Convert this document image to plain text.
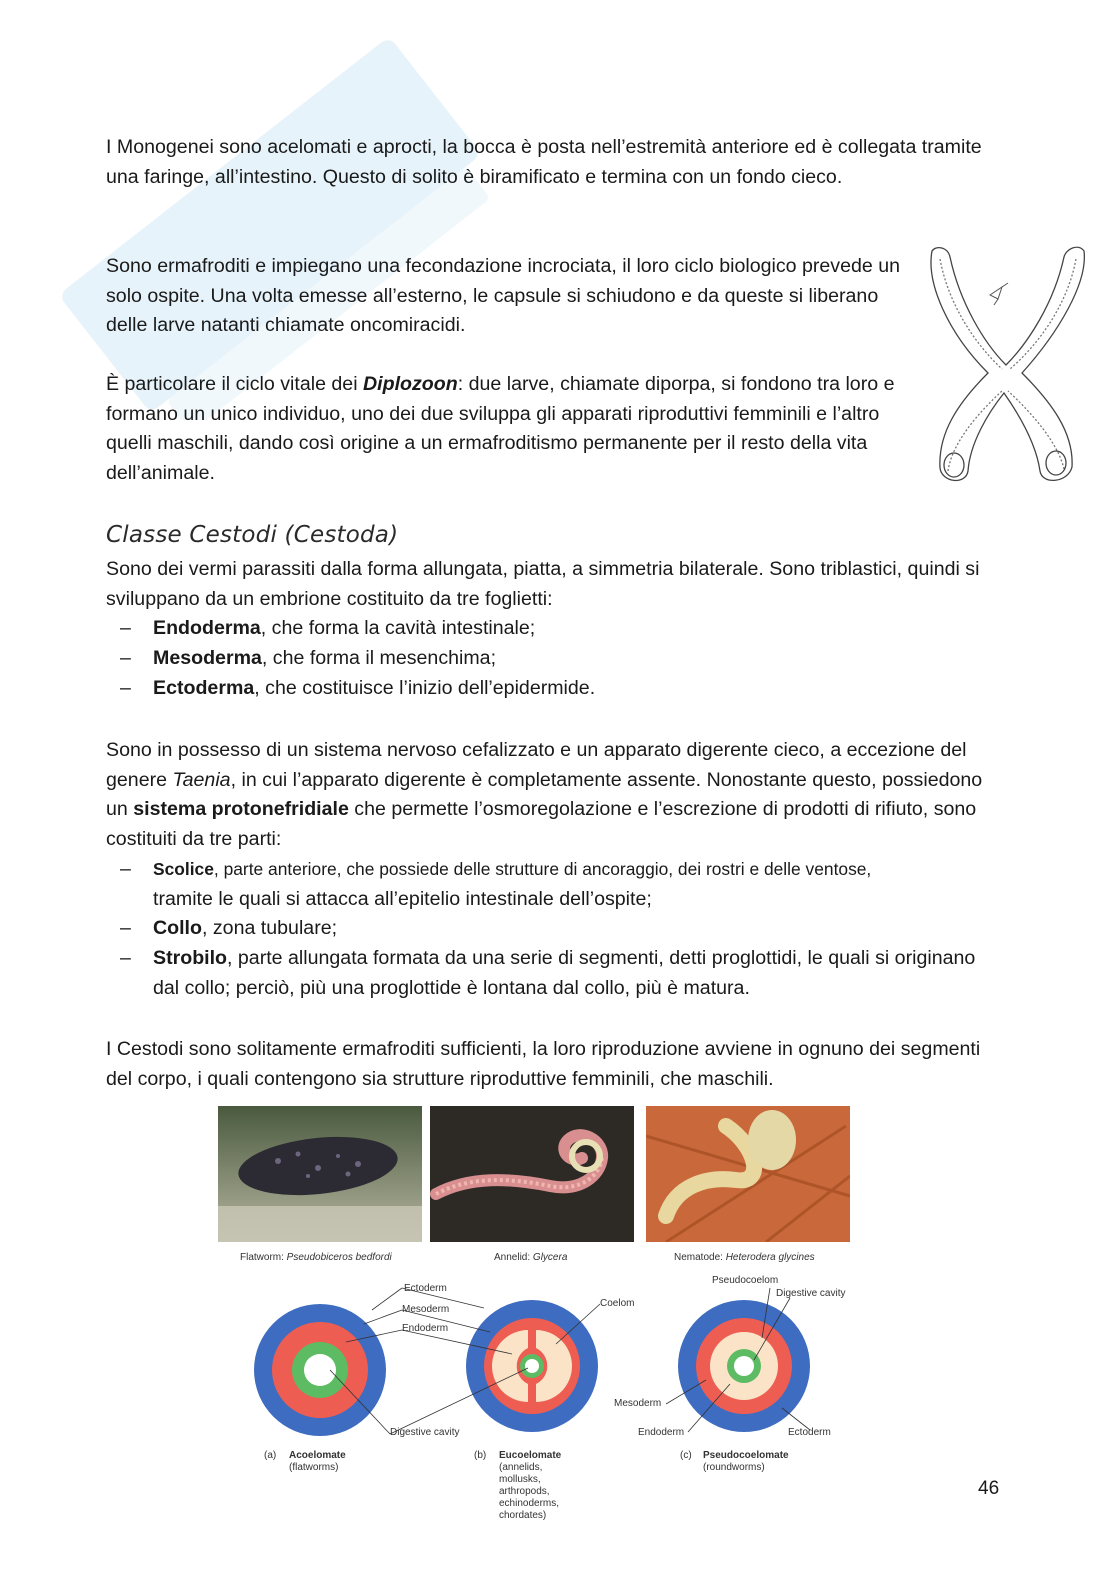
I Monogenei sono acelomati e aprocti, la bocca è posta nell’estremità anteriore ed è collegata tramite una faringe, all’intestino. Questo di solito è biramificato e termina con un fondo cieco.

Sono ermafroditi e impiegano una fecondazione incrociata, il loro ciclo biologico prevede un solo ospite. Una volta emesse all’esterno, le capsule si schiudono e da queste si liberano delle larve natanti chiamate oncomiracidi.

È particolare il ciclo vitale dei Diplozoon: due larve, chiamate diporpa, si fondono tra loro e formano un unico individuo, uno dei due sviluppa gli apparati riproduttivi femminili e l’altro quelli maschili, dando così origine a un ermafroditismo permanente per il resto della vita dell’animale.

Classe Cestodi (Cestoda)

Sono dei vermi parassiti dalla forma allungata, piatta, a simmetria bilaterale. Sono triblastici, quindi si sviluppano da un embrione costituito da tre foglietti:

– Endoderma, che forma la cavità intestinale;
– Mesoderma, che forma il mesenchima;
– Ectoderma, che costituisce l’inizio dell’epidermide.

Sono in possesso di un sistema nervoso cefalizzato e un apparato digerente cieco, a eccezione del genere Taenia, in cui l’apparato digerente è completamente assente. Nonostante questo, possiedono un sistema protonefridiale che permette l’osmoregolazione e l’escrezione di prodotti di rifiuto, sono costituiti da tre parti:

– Scolice, parte anteriore, che possiede delle strutture di ancoraggio, dei rostri e delle ventose,
tramite le quali si attacca all’epitelio intestinale dell’ospite;
– Collo, zona tubulare;
– Strobilo, parte allungata formata da una serie di segmenti, detti proglottidi, le quali si originano dal collo; perciò, più una proglottide è lontana dal collo, più è matura.

I Cestodi sono solitamente ermafroditi sufficienti, la loro riproduzione avviene in ognuno dei segmenti del corpo, i quali contengono sia strutture riproduttive femminili, che maschili.

Flatworm: Pseudobiceros bedfordi	Annelid: Glycera	Nematode: Heterodera glycines
Ectoderm
Mesoderm
Endoderm
Digestive cavity
Coelom
Pseudocoelom
Digestive cavity
Mesoderm
Endoderm	Ectoderm
(a) Acoelomate
(flatworms)
(b) Eucoelomate
(annelids,
mollusks,
arthropods,
echinoderms,
chordates)
(c) Pseudocoelomate
(roundworms)
46
